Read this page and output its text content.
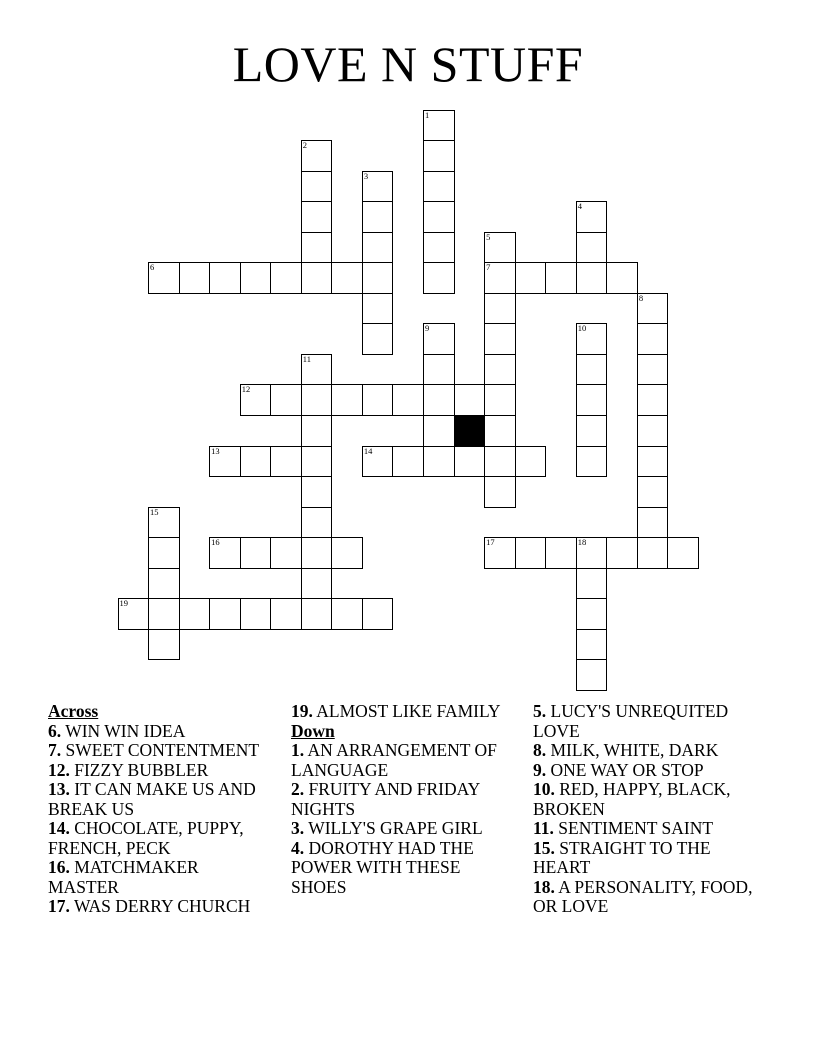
LOVE N STUFF
1
2
3
4
5
7
6
8
9	10
11
12
13	14
15
16	17	18
19
Across
6. WIN WIN IDEA
7. SWEET CONTENTMENT
12. FIZZY BUBBLER
13. IT CAN MAKE US AND BREAK US
14. CHOCOLATE, PUPPY, FRENCH, PECK
16. MATCHMAKER MASTER
17. WAS DERRY CHURCH
19. ALMOST LIKE FAMILY
Down
1. AN ARRANGEMENT OF LANGUAGE
2. FRUITY AND FRIDAY NIGHTS
3. WILLY'S GRAPE GIRL
4. DOROTHY HAD THE POWER WITH THESE SHOES
5. LUCY'S UNREQUITED LOVE
8. MILK, WHITE, DARK
9. ONE WAY OR STOP
10. RED, HAPPY, BLACK, BROKEN
11. SENTIMENT SAINT
15. STRAIGHT TO THE HEART
18. A PERSONALITY, FOOD, OR LOVE
